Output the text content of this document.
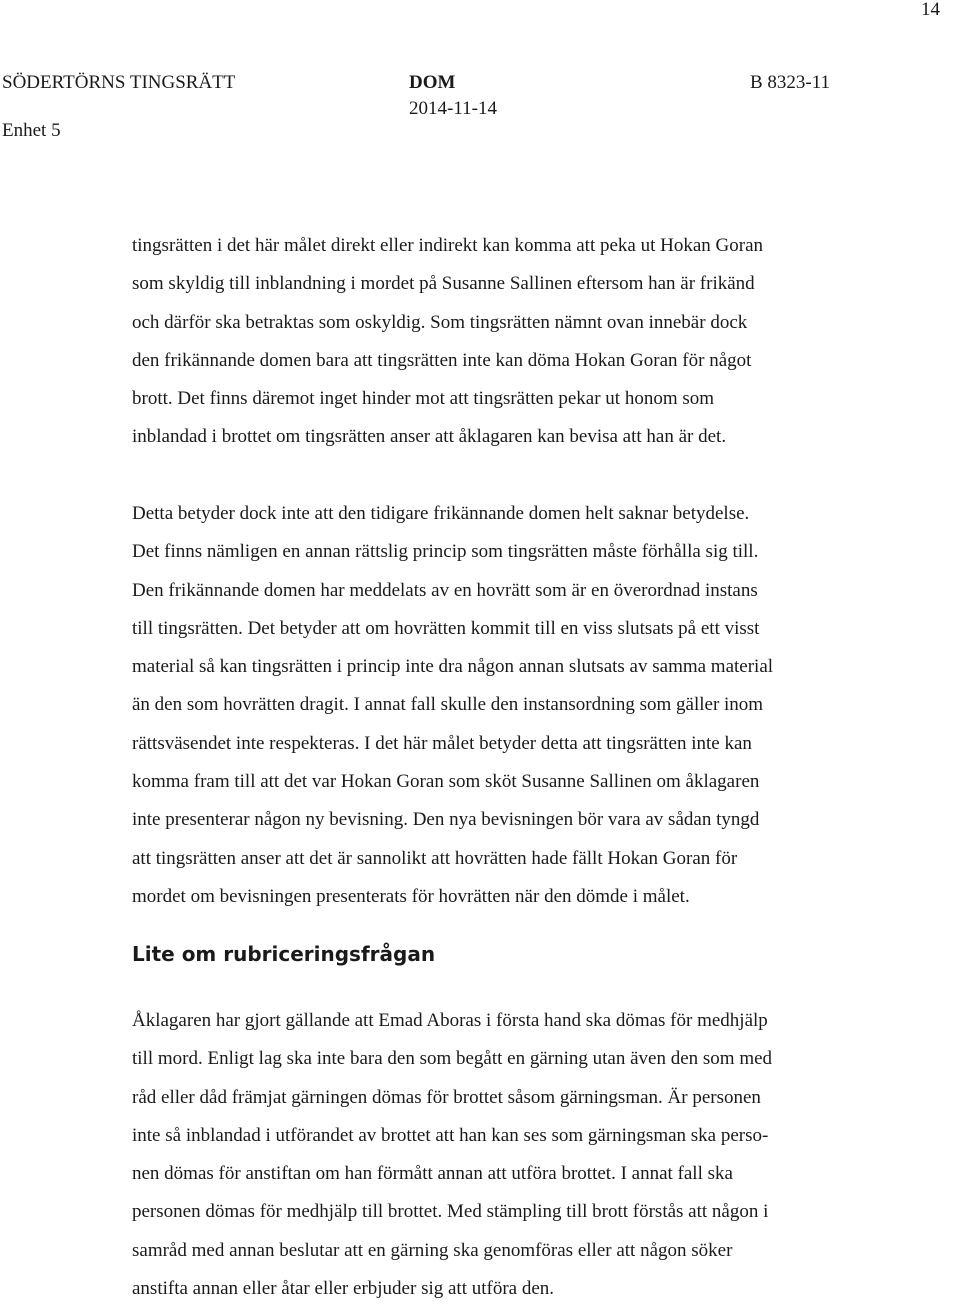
14
SÖDERTÖRNS TINGSRÄTT
Enhet 5
DOM
2014-11-14
B 8323-11

tingsrätten i det här målet direkt eller indirekt kan komma att peka ut Hokan Goran
som skyldig till inblandning i mordet på Susanne Sallinen eftersom han är frikänd
och därför ska betraktas som oskyldig. Som tingsrätten nämnt ovan innebär dock
den frikännande domen bara att tingsrätten inte kan döma Hokan Goran för något
brott. Det finns däremot inget hinder mot att tingsrätten pekar ut honom som
inblandad i brottet om tingsrätten anser att åklagaren kan bevisa att han är det.

Detta betyder dock inte att den tidigare frikännande domen helt saknar betydelse.
Det finns nämligen en annan rättslig princip som tingsrätten måste förhålla sig till.
Den frikännande domen har meddelats av en hovrätt som är en överordnad instans
till tingsrätten. Det betyder att om hovrätten kommit till en viss slutsats på ett visst
material så kan tingsrätten i princip inte dra någon annan slutsats av samma material
än den som hovrätten dragit. I annat fall skulle den instansordning som gäller inom
rättsväsendet inte respekteras. I det här målet betyder detta att tingsrätten inte kan
komma fram till att det var Hokan Goran som sköt Susanne Sallinen om åklagaren
inte presenterar någon ny bevisning. Den nya bevisningen bör vara av sådan tyngd
att tingsrätten anser att det är sannolikt att hovrätten hade fällt Hokan Goran för
mordet om bevisningen presenterats för hovrätten när den dömde i målet.

Lite om rubriceringsfrågan

Åklagaren har gjort gällande att Emad Aboras i första hand ska dömas för medhjälp
till mord. Enligt lag ska inte bara den som begått en gärning utan även den som med
råd eller dåd främjat gärningen dömas för brottet såsom gärningsman. Är personen
inte så inblandad i utförandet av brottet att han kan ses som gärningsman ska perso-
nen dömas för anstiftan om han förmått annan att utföra brottet. I annat fall ska
personen dömas för medhjälp till brottet. Med stämpling till brott förstås att någon i
samråd med annan beslutar att en gärning ska genomföras eller att någon söker
anstifta annan eller åtar eller erbjuder sig att utföra den.
